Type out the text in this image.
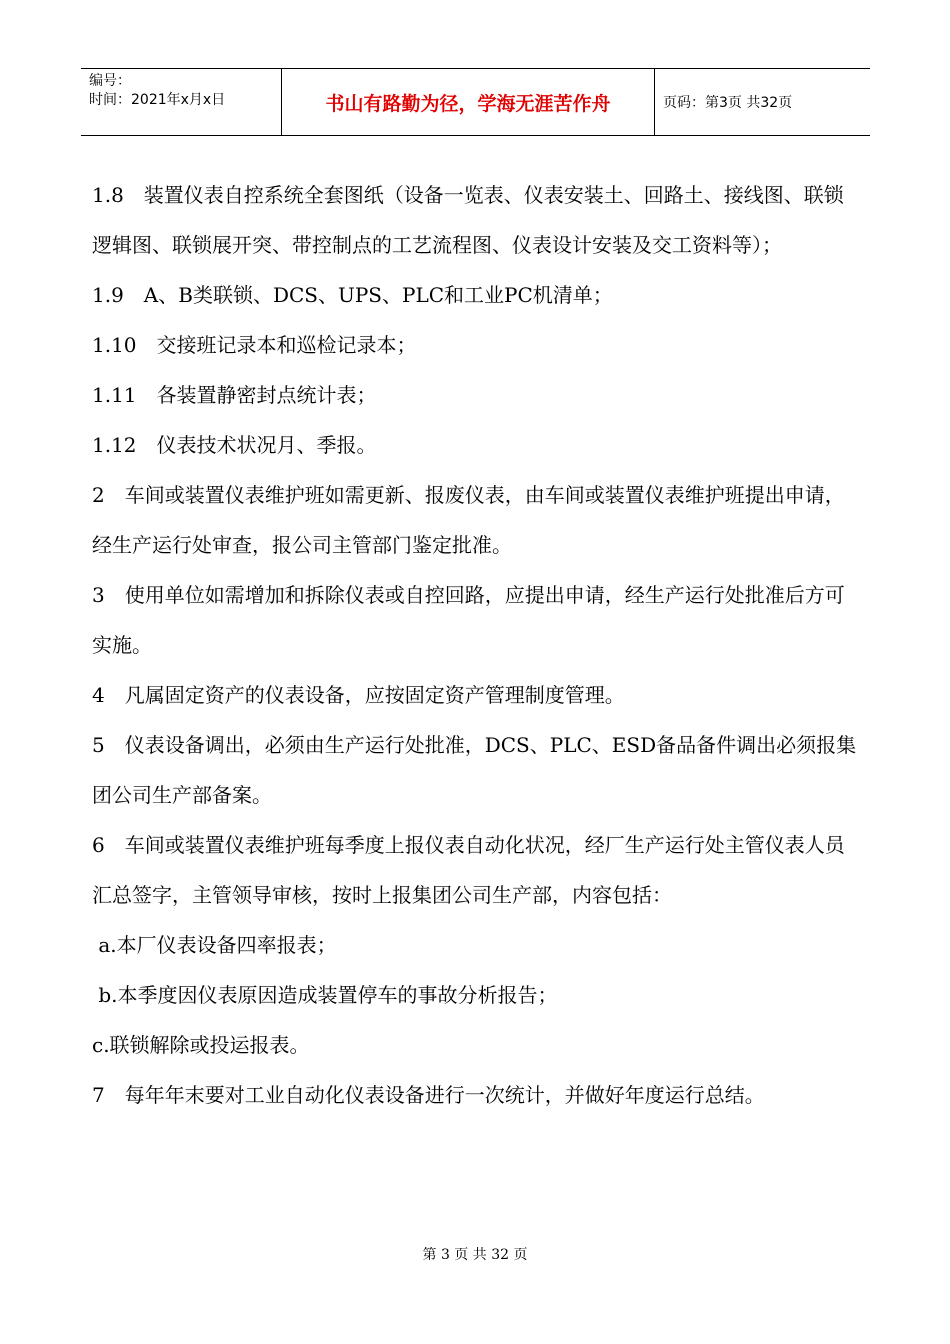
编号：
时间：2021年x月x日	书山有路勤为径，学海无涯苦作舟	页码：第3页 共32页

1.8　装置仪表自控系统全套图纸（设备一览表、仪表安装土、回路土、接线图、联锁逻辑图、联锁展开突、带控制点的工艺流程图、仪表设计安装及交工资料等）；

1.9　A、B类联锁、DCS、UPS、PLC和工业PC机清单；

1.10　交接班记录本和巡检记录本；

1.11　各装置静密封点统计表；

1.12　仪表技术状况月、季报。

2　车间或装置仪表维护班如需更新、报废仪表，由车间或装置仪表维护班提出申请，经生产运行处审查，报公司主管部门鉴定批准。

3　使用单位如需增加和拆除仪表或自控回路，应提出申请，经生产运行处批准后方可实施。

4　凡属固定资产的仪表设备，应按固定资产管理制度管理。

5　仪表设备调出，必须由生产运行处批准，DCS、PLC、ESD备品备件调出必须报集团公司生产部备案。

6　车间或装置仪表维护班每季度上报仪表自动化状况，经厂生产运行处主管仪表人员汇总签字，主管领导审核，按时上报集团公司生产部，内容包括：

a.本厂仪表设备四率报表；

b.本季度因仪表原因造成装置停车的事故分析报告；

c.联锁解除或投运报表。

7　每年年末要对工业自动化仪表设备进行一次统计，并做好年度运行总结。

第 3 页 共 32 页
